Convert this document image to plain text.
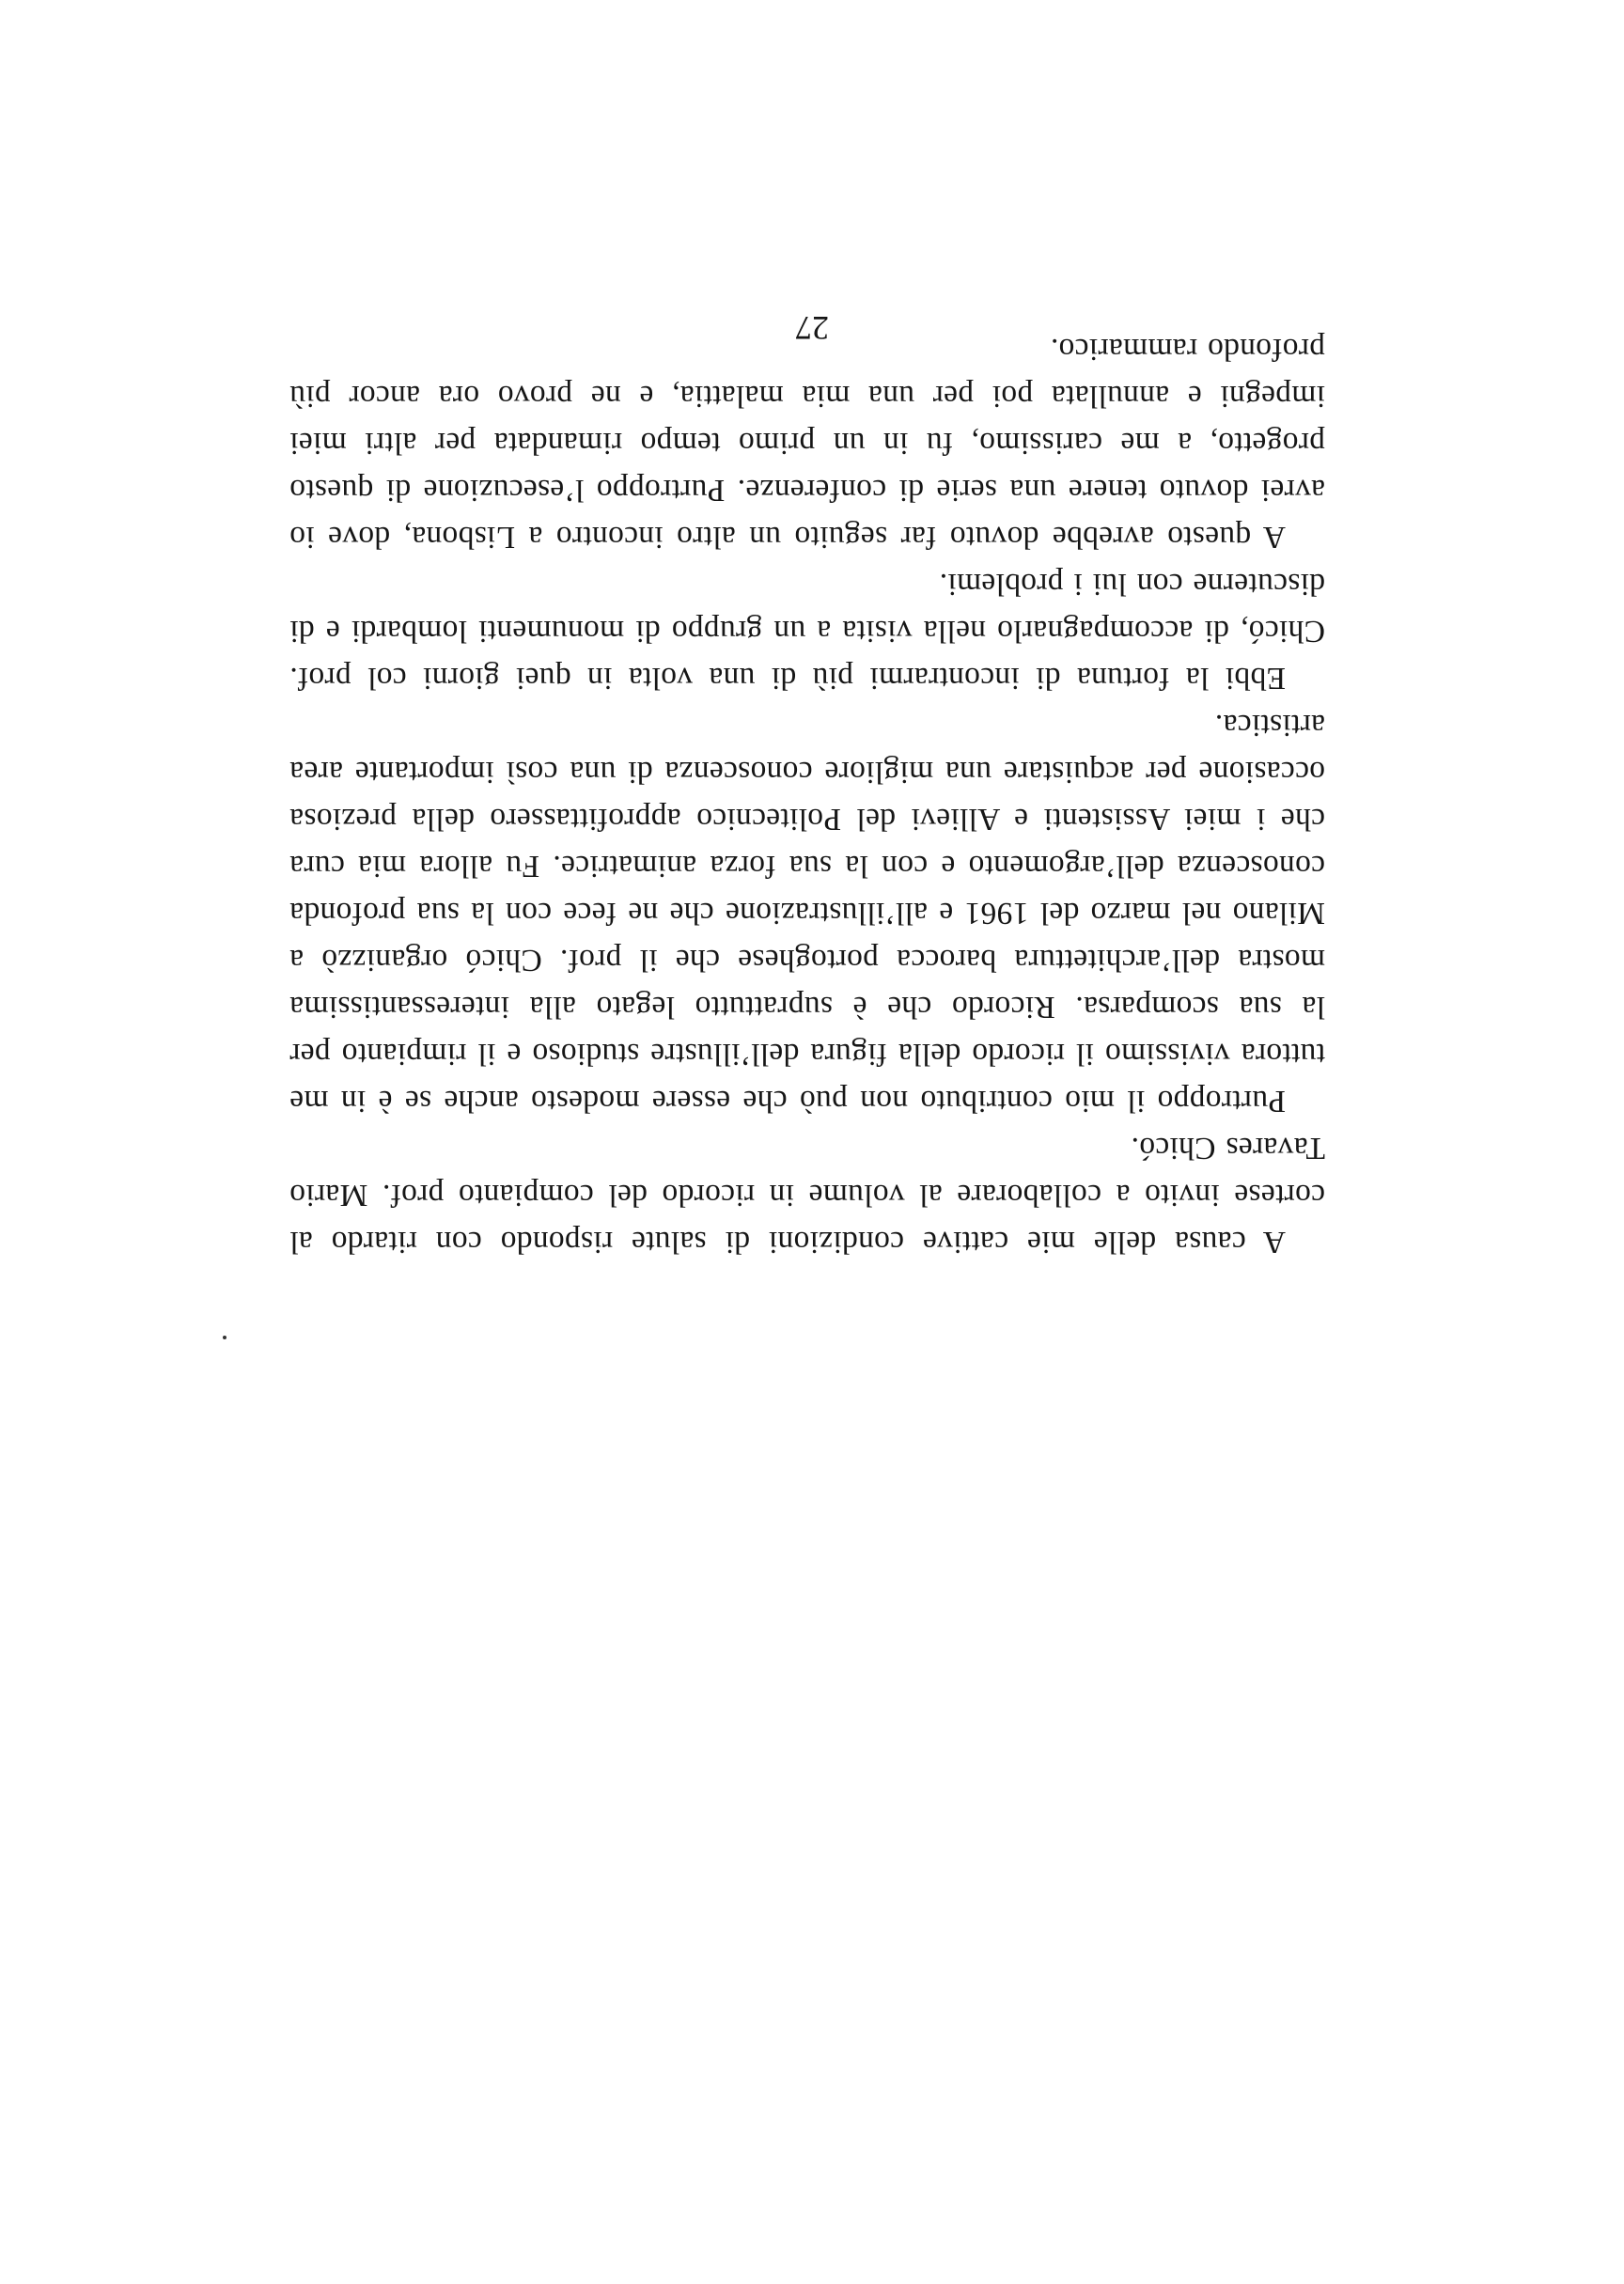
A causa delle mie cattive condizioni di salute rispondo con ritardo al cortese invito a collaborare al volume in ricordo del compianto prof. Mario Tavares Chicó.

Purtroppo il mio contributo non può che essere modesto anche se è in me tuttora vivissimo il ricordo della figura dell’illustre studioso e il rimpianto per la sua scomparsa. Ricordo che è suprattutto legato alla interessantissima mostra dell’architettura barocca portoghese che il prof. Chicó organizzò a Milano nel marzo del 1961 e all’illustrazione che ne fece con la sua profonda conoscenza dell’argomento e con la sua forza animatrice. Fu allora mia cura che i miei Assistenti e Allievi del Politecnico approfittassero della preziosa occasione per acquistare una migliore conoscenza di una così importante area artistica.

Ebbi la fortuna di incontrarmi più di una volta in quei giorni col prof. Chicó, di accompagnarlo nella visita a un gruppo di monumenti lombardi e di discuterne con lui i problemi.

A questo avrebbe dovuto far seguito un altro incontro a Lisbona, dove io avrei dovuto tenere una serie di conferenze. Purtroppo l’esecuzione di questo progetto, a me carissimo, fu in un primo tempo rimandata per altri miei impegni e annullata poi per una mia malattia, e ne provo ora ancor più profondo rammarico.

27
